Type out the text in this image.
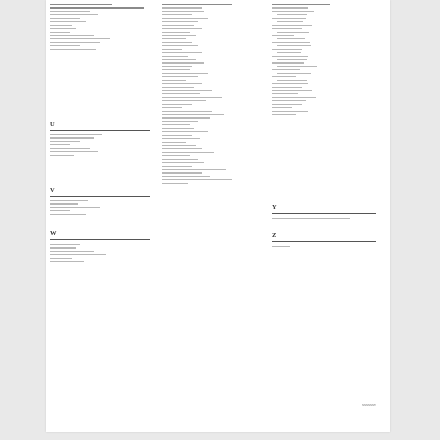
U
V
W
Y
Z
xxxxxxv
